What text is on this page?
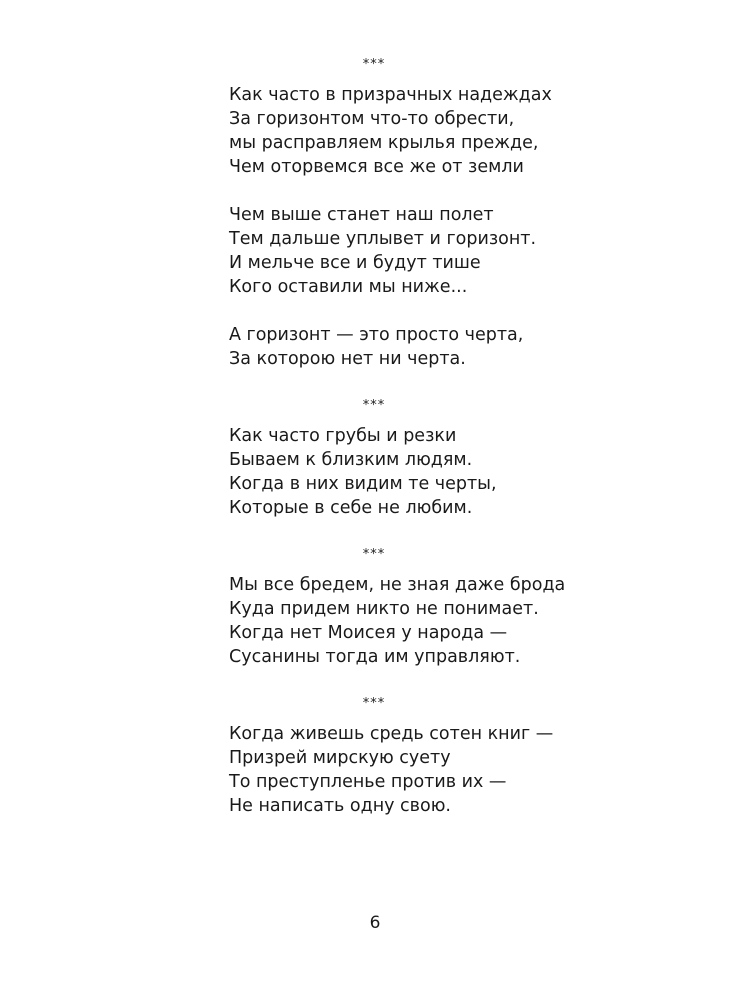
***
Как часто в призрачных надеждах
За горизонтом что-то обрести,
мы расправляем крылья прежде,
Чем оторвемся все же от земли
Чем выше станет наш полет
Тем дальше уплывет и горизонт.
И мельче все и будут тише
Кого оставили мы ниже...
А горизонт — это просто черта,
За которою нет ни черта.
***
Как часто грубы и резки
Бываем к близким людям.
Когда в них видим те черты,
Которые в себе не любим.
***
Мы все бредем, не зная даже брода
Куда придем никто не понимает.
Когда нет Моисея у народа —
Сусанины тогда им управляют.
***
Когда живешь средь сотен книг —
Призрей мирскую суету
То преступленье против их —
Не написать одну свою.
6
